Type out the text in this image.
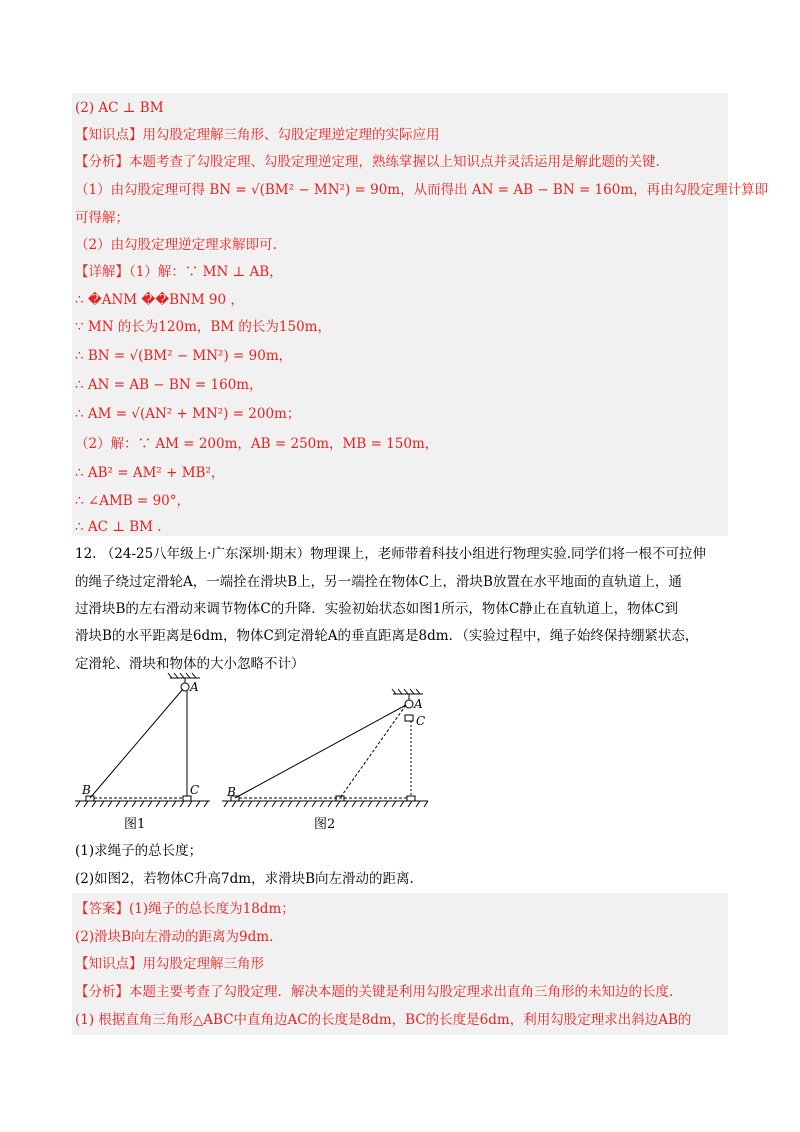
(2) AC ⊥ BM
【知识点】用勾股定理解三角形、勾股定理逆定理的实际应用
【分析】本题考查了勾股定理、勾股定理逆定理，熟练掌握以上知识点并灵活运用是解此题的关键.
（1）由勾股定理可得 BN = √(BM² − MN²) = 90m，从而得出 AN = AB − BN = 160m，再由勾股定理计算即
可得解；
（2）由勾股定理逆定理求解即可.
【详解】（1）解：∵ MN ⊥ AB，
∴ �ANM ��BNM 90 ，
∵ MN 的长为120m，BM 的长为150m，
∴ BN = √(BM² − MN²) = 90m，
∴ AN = AB − BN = 160m，
∴ AM = √(AN² + MN²) = 200m；
（2）解：∵ AM = 200m，AB = 250m，MB = 150m，
∴ AB² = AM² + MB²，
∴ ∠AMB = 90°，
∴ AC ⊥ BM .
12. （24-25八年级上·广东深圳·期末）物理课上，老师带着科技小组进行物理实验.同学们将一根不可拉伸
的绳子绕过定滑轮A，一端拴在滑块B上，另一端拴在物体C上，滑块B放置在水平地面的直轨道上，通
过滑块B的左右滑动来调节物体C的升降．实验初始状态如图1所示，物体C静止在直轨道上，物体C到
滑块B的水平距离是6dm，物体C到定滑轮A的垂直距离是8dm．（实验过程中，绳子始终保持绷紧状态，
定滑轮、滑块和物体的大小忽略不计）
A
B	C
A
C
B
图1	图2
(1)求绳子的总长度；
(2)如图2，若物体C升高7dm，求滑块B向左滑动的距离.
【答案】(1)绳子的总长度为18dm；
(2)滑块B向左滑动的距离为9dm.
【知识点】用勾股定理解三角形
【分析】本题主要考查了勾股定理．解决本题的关键是利用勾股定理求出直角三角形的未知边的长度.
(1) 根据直角三角形△ABC中直角边AC的长度是8dm，BC的长度是6dm，利用勾股定理求出斜边AB的
